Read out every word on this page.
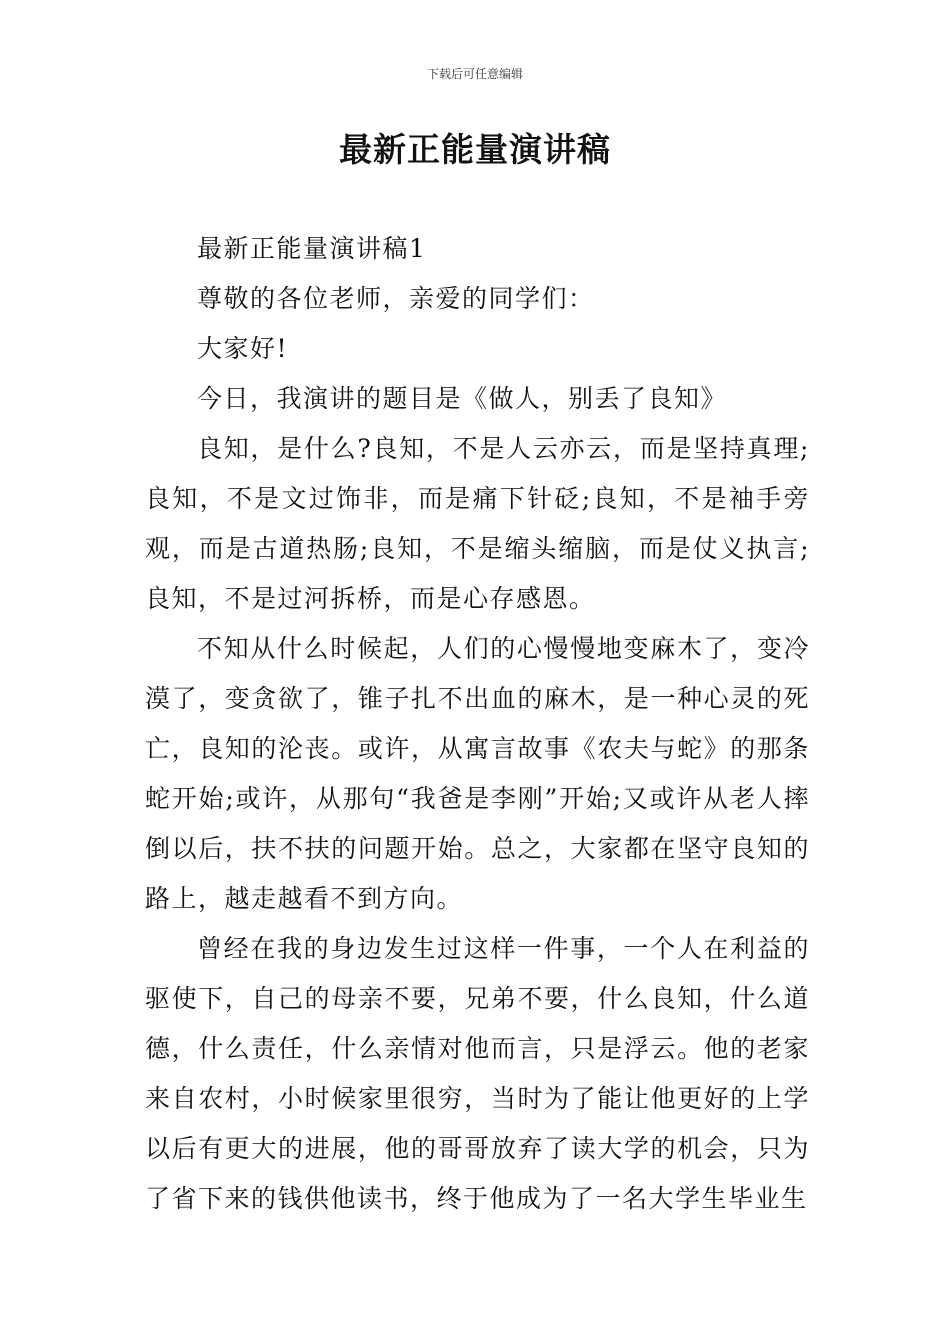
下载后可任意编辑
最新正能量演讲稿

最新正能量演讲稿1

尊敬的各位老师，亲爱的同学们：

大家好!

今日，我演讲的题目是《做人，别丢了良知》

良知，是什么?良知，不是人云亦云，而是坚持真理;良知，不是文过饰非，而是痛下针砭;良知，不是袖手旁观，而是古道热肠;良知，不是缩头缩脑，而是仗义执言;良知，不是过河拆桥，而是心存感恩。

不知从什么时候起，人们的心慢慢地变麻木了，变冷漠了，变贪欲了，锥子扎不出血的麻木，是一种心灵的死亡，良知的沦丧。或许，从寓言故事《农夫与蛇》的那条蛇开始;或许，从那句“我爸是李刚”开始;又或许从老人摔倒以后，扶不扶的问题开始。总之，大家都在坚守良知的路上，越走越看不到方向。

曾经在我的身边发生过这样一件事，一个人在利益的驱使下，自己的母亲不要，兄弟不要，什么良知，什么道德，什么责任，什么亲情对他而言，只是浮云。他的老家来自农村，小时候家里很穷，当时为了能让他更好的上学以后有更大的进展，他的哥哥放弃了读大学的机会，只为了省下来的钱供他读书，终于他成为了一名大学生毕业生
